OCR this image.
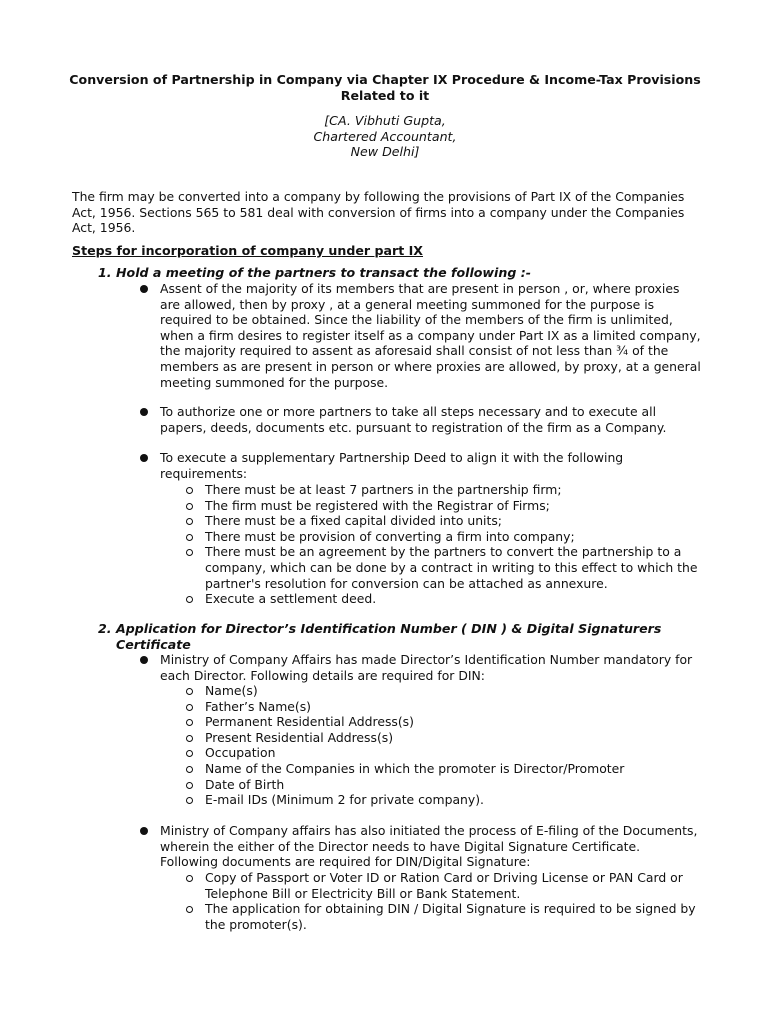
Conversion of Partnership in Company via Chapter IX Procedure & Income-Tax Provisions Related to it
[CA. Vibhuti Gupta,
Chartered Accountant,
New Delhi]
The firm may be converted into a company by following the provisions of Part IX of the Companies Act, 1956. Sections 565 to 581 deal with conversion of firms into a company under the Companies Act, 1956.
Steps for incorporation of company under part IX
1. Hold a meeting of the partners to transact the following :-
Assent of the majority of its members that are present in person , or, where proxies are allowed, then by proxy , at a general meeting summoned for the purpose is required to be obtained. Since the liability of the members of the firm is unlimited, when a firm desires to register itself as a company under Part IX as a limited company, the majority required to assent as aforesaid shall consist of not less than ¾ of the members as are present in person or where proxies are allowed, by proxy, at a general meeting summoned for the purpose.
To authorize one or more partners to take all steps necessary and to execute all papers, deeds, documents etc. pursuant to registration of the firm as a Company.
To execute a supplementary Partnership Deed to align it with the following requirements:
There must be at least 7 partners in the partnership firm;
The firm must be registered with the Registrar of Firms;
There must be a fixed capital divided into units;
There must be provision of converting a firm into company;
There must be an agreement by the partners to convert the partnership to a company, which can be done by a contract in writing to this effect to which the partner's resolution for conversion can be attached as annexure.
Execute a settlement deed.
2. Application for Director’s Identification Number ( DIN ) & Digital Signaturers
Certificate
Ministry of Company Affairs has made Director’s Identification Number mandatory for each Director. Following details are required for DIN:
Name(s)
Father’s Name(s)
Permanent Residential Address(s)
Present Residential Address(s)
Occupation
Name of the Companies in which the promoter is Director/Promoter
Date of Birth
E-mail IDs (Minimum 2 for private company).
Ministry of Company affairs has also initiated the process of E-filing of the Documents, wherein the either of the Director needs to have Digital Signature Certificate. Following documents are required for DIN/Digital Signature:
Copy of Passport or Voter ID or Ration Card or Driving License or PAN Card or Telephone Bill or Electricity Bill or Bank Statement.
The application for obtaining DIN / Digital Signature is required to be signed by the promoter(s).
